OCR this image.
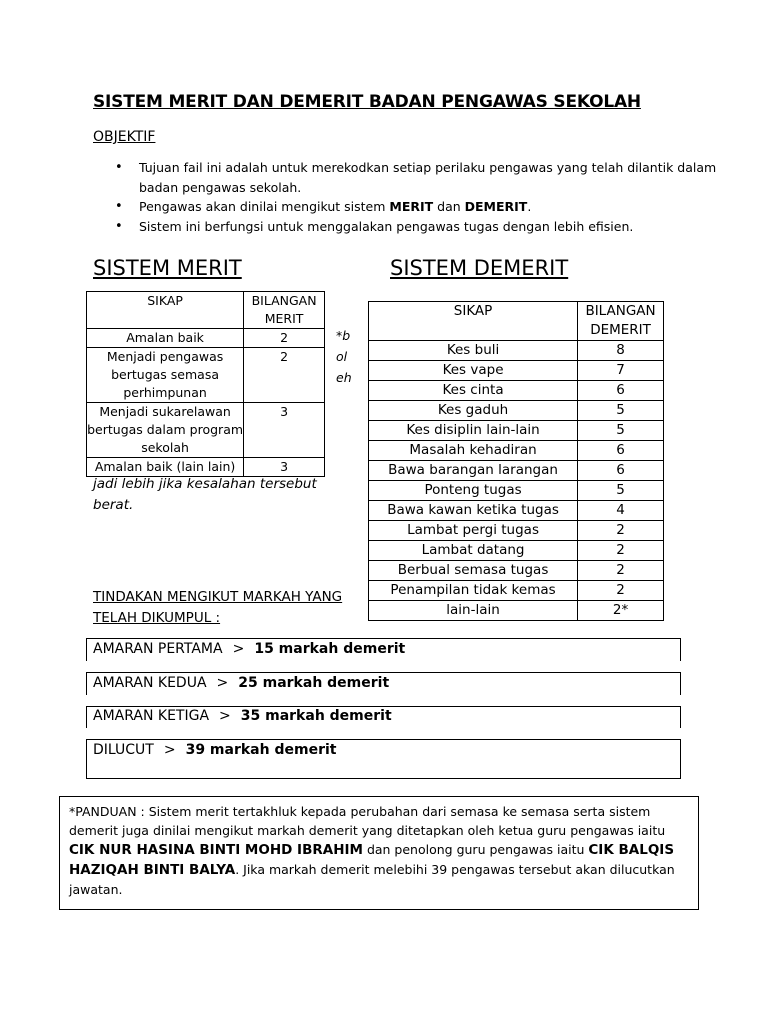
SISTEM MERIT DAN DEMERIT BADAN PENGAWAS SEKOLAH
OBJEKTIF
• Tujuan fail ini adalah untuk merekodkan setiap perilaku pengawas yang telah dilantik dalam badan pengawas sekolah.
• Pengawas akan dinilai mengikut sistem MERIT dan DEMERIT.
• Sistem ini berfungsi untuk menggalakan pengawas tugas dengan lebih efisien.
SISTEM MERIT	SISTEM DEMERIT
SIKAP	BILANGAN MERIT
Amalan baik	2
Menjadi pengawas bertugas semasa perhimpunan	2
Menjadi sukarelawan bertugas dalam program sekolah	3
Amalan baik (lain lain)	3
*b ol eh
jadi lebih jika kesalahan tersebut berat.
SIKAP	BILANGAN DEMERIT
Kes buli	8
Kes vape	7
Kes cinta	6
Kes gaduh	5
Kes disiplin lain-lain	5
Masalah kehadiran	6
Bawa barangan larangan	6
Ponteng tugas	5
Bawa kawan ketika tugas	4
Lambat pergi tugas	2
Lambat datang	2
Berbual semasa tugas	2
Penampilan tidak kemas	2
lain-lain	2*
TINDAKAN MENGIKUT MARKAH YANG TELAH DIKUMPUL :
AMARAN PERTAMA > 15 markah demerit
AMARAN KEDUA > 25 markah demerit
AMARAN KETIGA > 35 markah demerit
DILUCUT > 39 markah demerit
*PANDUAN : Sistem merit tertakhluk kepada perubahan dari semasa ke semasa serta sistem demerit juga dinilai mengikut markah demerit yang ditetapkan oleh ketua guru pengawas iaitu CIK NUR HASINA BINTI MOHD IBRAHIM dan penolong guru pengawas iaitu CIK BALQIS HAZIQAH BINTI BALYA. Jika markah demerit melebihi 39 pengawas tersebut akan dilucutkan jawatan.
